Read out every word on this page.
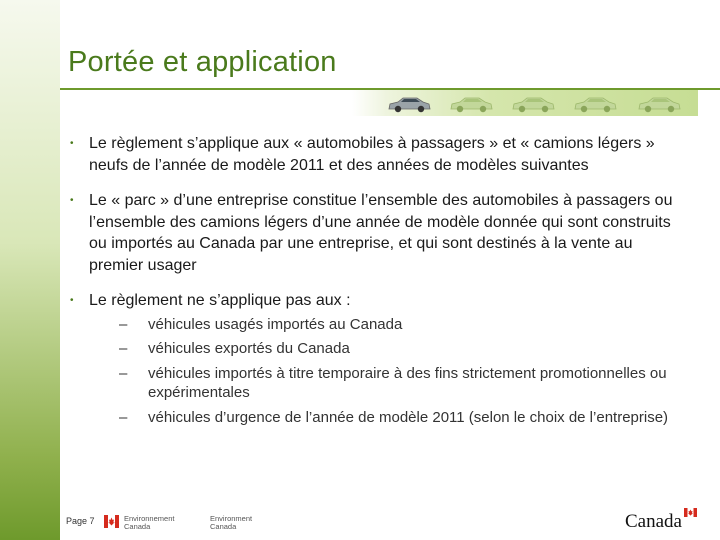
Portée et application
• Le règlement s’applique aux « automobiles à passagers » et « camions légers » neufs de l’année de modèle 2011 et des années de modèles suivantes
• Le « parc » d’une entreprise constitue l’ensemble des automobiles à passagers ou l’ensemble des camions légers d’une année de modèle donnée qui sont construits ou importés au Canada par une entreprise, et qui sont destinés à la vente au premier usager
• Le règlement ne s’applique pas aux :
– véhicules usagés importés au Canada
– véhicules exportés du Canada
– véhicules importés à titre temporaire à des fins strictement promotionnelles ou expérimentales
– véhicules d’urgence de l’année de modèle 2011 (selon le choix de l’entreprise)
Page 7	Environnement
Canada
Environment
Canada	Canada
